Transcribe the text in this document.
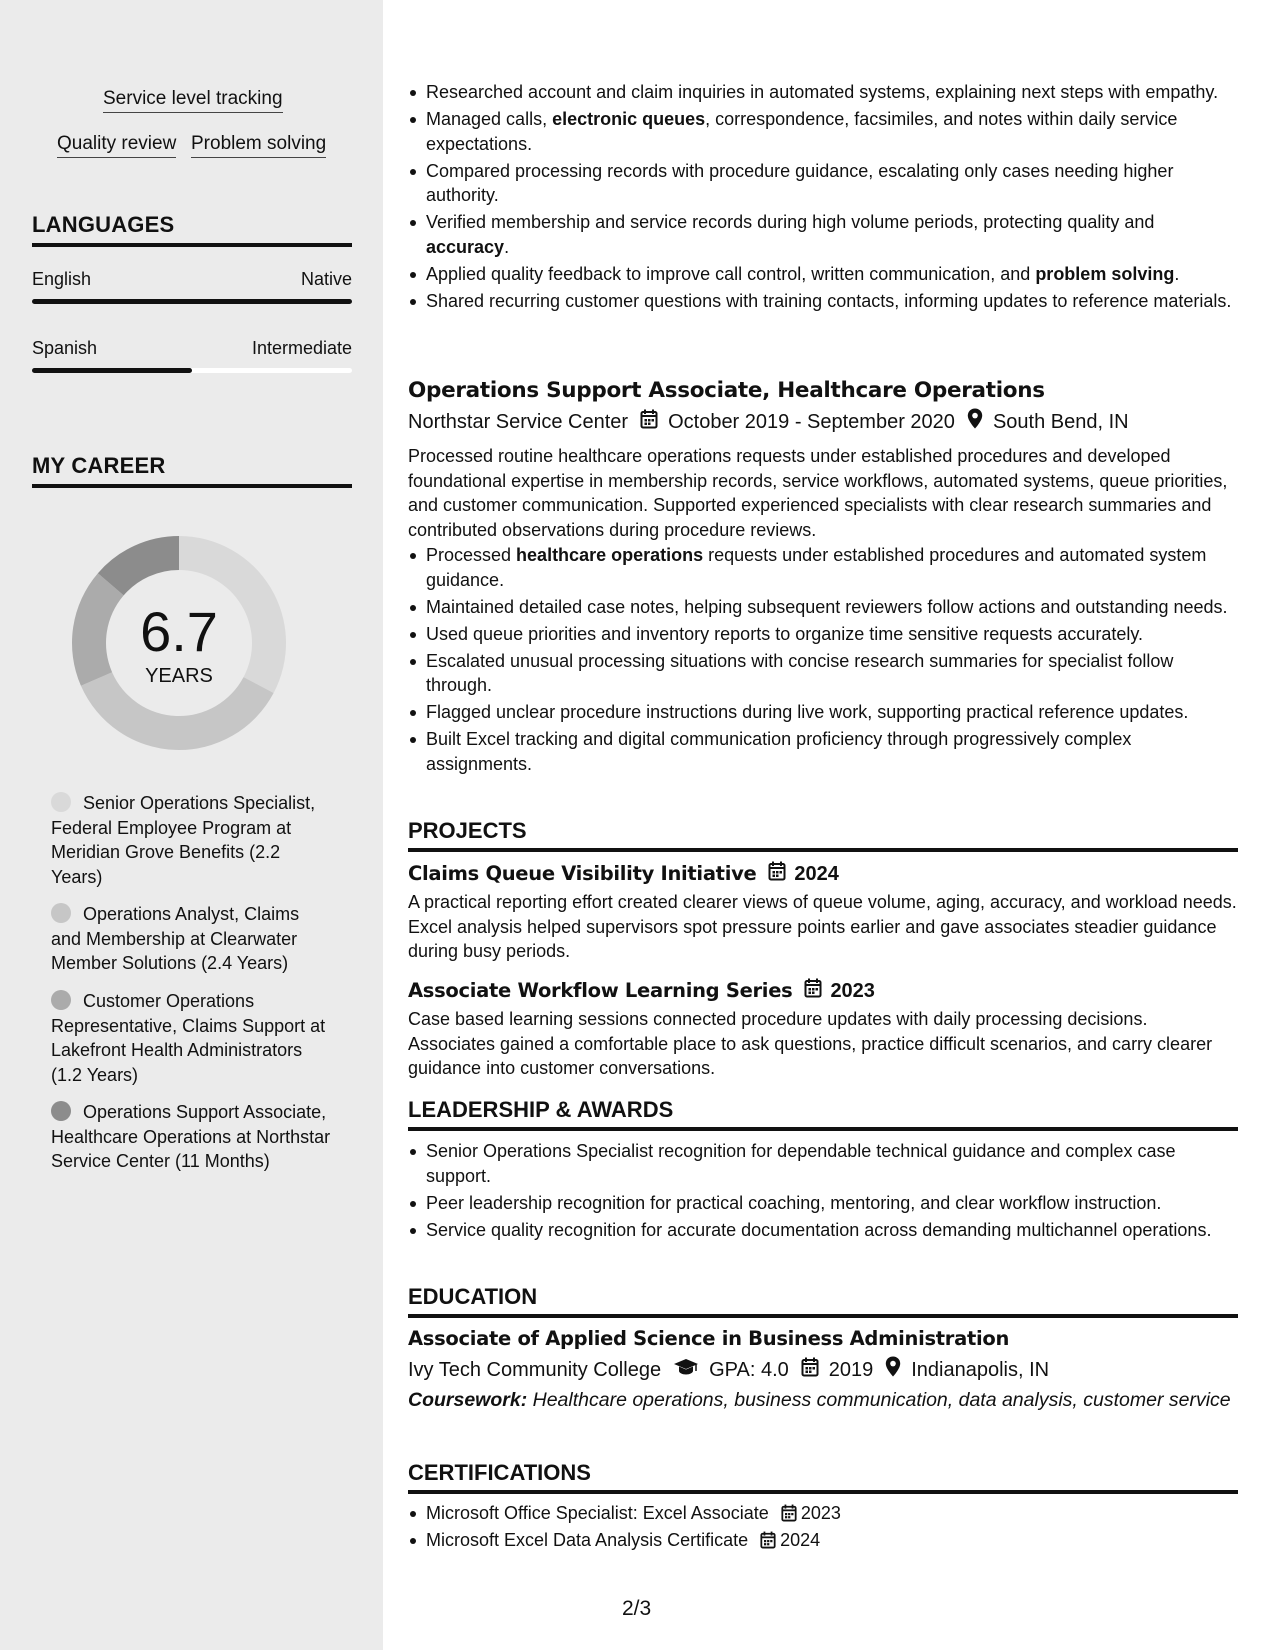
Service level tracking
Quality review Problem solving
LANGUAGES
English	Native
Spanish	Intermediate
MY CAREER
6.7
YEARS
Senior Operations Specialist, Federal Employee Program at Meridian Grove Benefits (2.2 Years)
Operations Analyst, Claims and Membership at Clearwater Member Solutions (2.4 Years)
Customer Operations Representative, Claims Support at Lakefront Health Administrators (1.2 Years)
Operations Support Associate, Healthcare Operations at Northstar Service Center (11 Months)
Researched account and claim inquiries in automated systems, explaining next steps with empathy.
Managed calls, electronic queues, correspondence, facsimiles, and notes within daily service expectations.
Compared processing records with procedure guidance, escalating only cases needing higher authority.
Verified membership and service records during high volume periods, protecting quality and accuracy.
Applied quality feedback to improve call control, written communication, and problem solving.
Shared recurring customer questions with training contacts, informing updates to reference materials.
Operations Support Associate, Healthcare Operations
Northstar Service Center October 2019 - September 2020 South Bend, IN
Processed routine healthcare operations requests under established procedures and developed foundational expertise in membership records, service workflows, automated systems, queue priorities, and customer communication. Supported experienced specialists with clear research summaries and contributed observations during procedure reviews.
Processed healthcare operations requests under established procedures and automated system guidance.
Maintained detailed case notes, helping subsequent reviewers follow actions and outstanding needs.
Used queue priorities and inventory reports to organize time sensitive requests accurately.
Escalated unusual processing situations with concise research summaries for specialist follow through.
Flagged unclear procedure instructions during live work, supporting practical reference updates.
Built Excel tracking and digital communication proficiency through progressively complex assignments.
PROJECTS
Claims Queue Visibility Initiative 2024
A practical reporting effort created clearer views of queue volume, aging, accuracy, and workload needs. Excel analysis helped supervisors spot pressure points earlier and gave associates steadier guidance during busy periods.
Associate Workflow Learning Series 2023
Case based learning sessions connected procedure updates with daily processing decisions. Associates gained a comfortable place to ask questions, practice difficult scenarios, and carry clearer guidance into customer conversations.
LEADERSHIP & AWARDS
Senior Operations Specialist recognition for dependable technical guidance and complex case support.
Peer leadership recognition for practical coaching, mentoring, and clear workflow instruction.
Service quality recognition for accurate documentation across demanding multichannel operations.
EDUCATION
Associate of Applied Science in Business Administration
Ivy Tech Community College GPA: 4.0 2019 Indianapolis, IN
Coursework: Healthcare operations, business communication, data analysis, customer service
CERTIFICATIONS
Microsoft Office Specialist: Excel Associate 2023
Microsoft Excel Data Analysis Certificate 2024
2/3
